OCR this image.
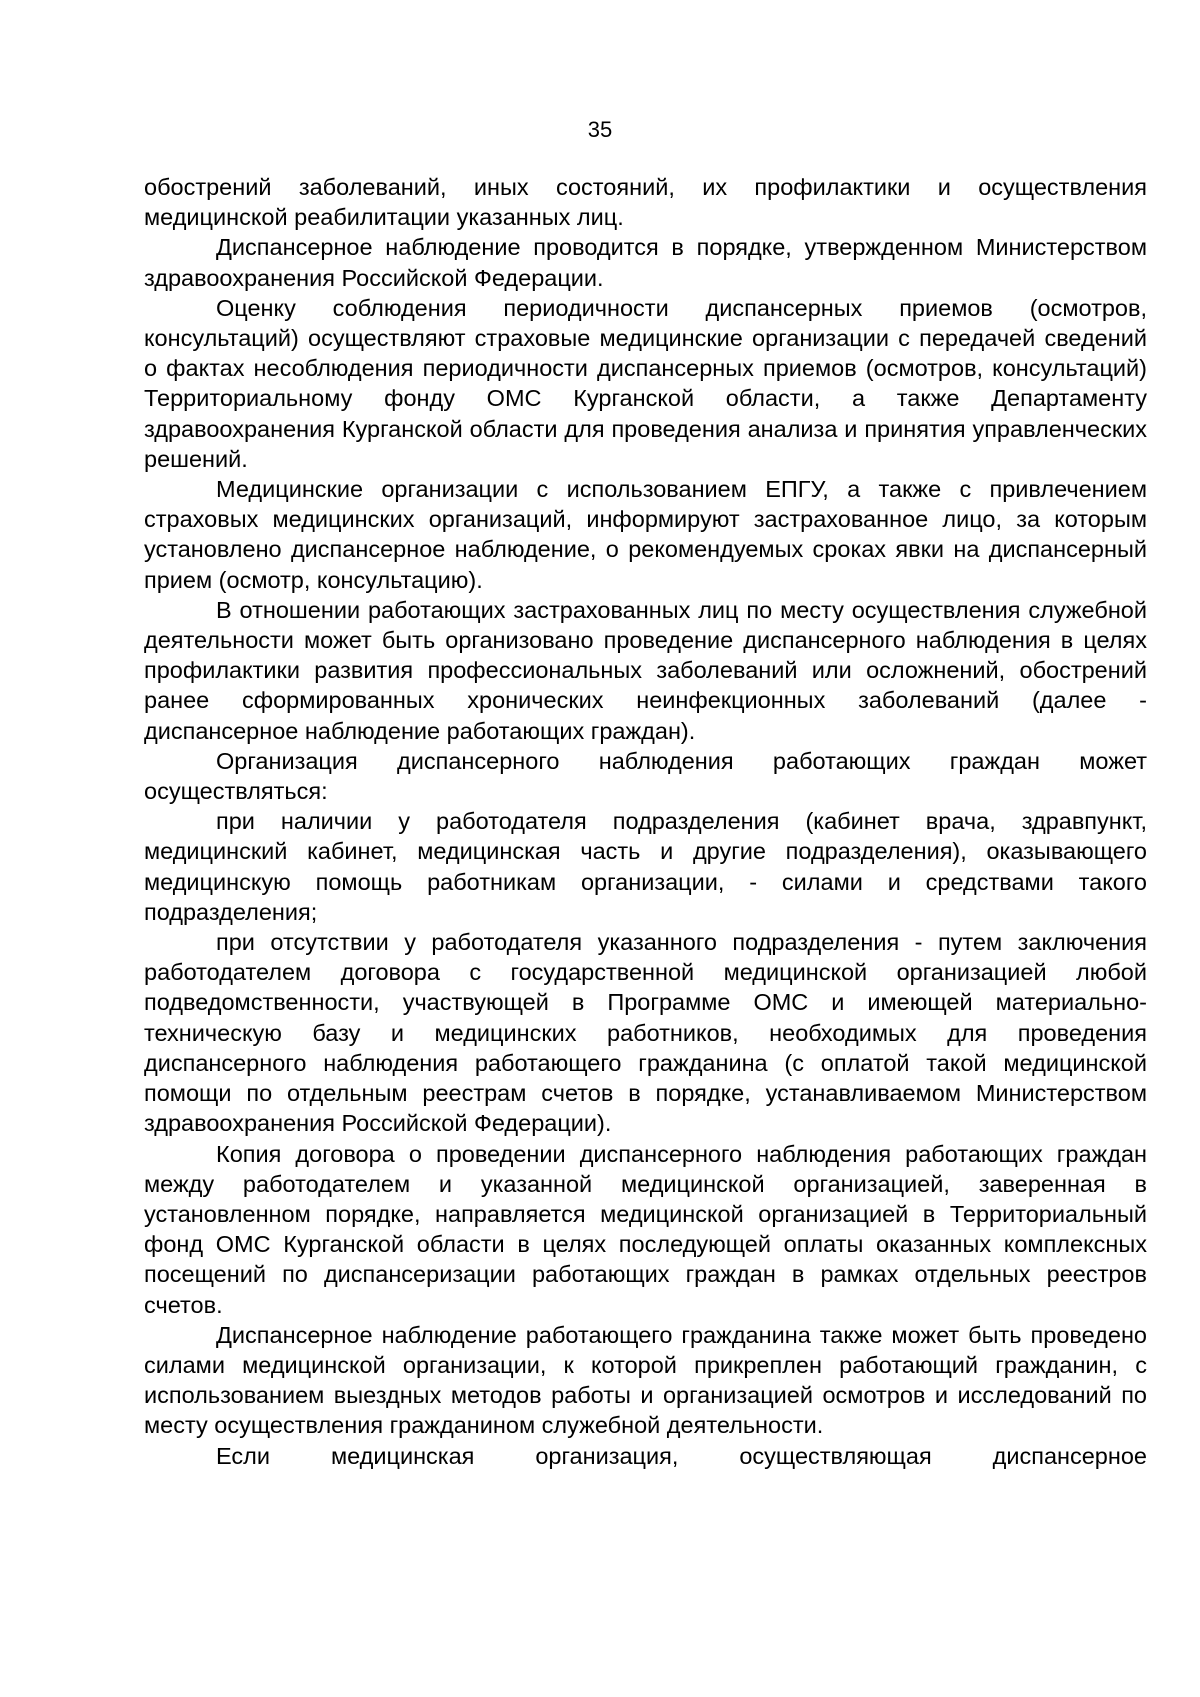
35

обострений заболеваний, иных состояний, их профилактики и осуществления медицинской реабилитации указанных лиц.

Диспансерное наблюдение проводится в порядке, утвержденном Министерством здравоохранения Российской Федерации.

Оценку соблюдения периодичности диспансерных приемов (осмотров, консультаций) осуществляют страховые медицинские организации с передачей сведений о фактах несоблюдения периодичности диспансерных приемов (осмотров, консультаций) Территориальному фонду ОМС Курганской области, а также Департаменту здравоохранения Курганской области для проведения анализа и принятия управленческих решений.

Медицинские организации с использованием ЕПГУ, а также с привлечением страховых медицинских организаций, информируют застрахованное лицо, за которым установлено диспансерное наблюдение, о рекомендуемых сроках явки на диспансерный прием (осмотр, консультацию).

В отношении работающих застрахованных лиц по месту осуществления служебной деятельности может быть организовано проведение диспансерного наблюдения в целях профилактики развития профессиональных заболеваний или осложнений, обострений ранее сформированных хронических неинфекционных заболеваний (далее - диспансерное наблюдение работающих граждан).

Организация диспансерного наблюдения работающих граждан может осуществляться:

при наличии у работодателя подразделения (кабинет врача, здравпункт, медицинский кабинет, медицинская часть и другие подразделения), оказывающего медицинскую помощь работникам организации, - силами и средствами такого подразделения;

при отсутствии у работодателя указанного подразделения - путем заключения работодателем договора с государственной медицинской организацией любой подведомственности, участвующей в Программе ОМС и имеющей материально-техническую базу и медицинских работников, необходимых для проведения диспансерного наблюдения работающего гражданина (с оплатой такой медицинской помощи по отдельным реестрам счетов в порядке, устанавливаемом Министерством здравоохранения Российской Федерации).

Копия договора о проведении диспансерного наблюдения работающих граждан между работодателем и указанной медицинской организацией, заверенная в установленном порядке, направляется медицинской организацией в Территориальный фонд ОМС Курганской области в целях последующей оплаты оказанных комплексных посещений по диспансеризации работающих граждан в рамках отдельных реестров счетов.

Диспансерное наблюдение работающего гражданина также может быть проведено силами медицинской организации, к которой прикреплен работающий гражданин, с использованием выездных методов работы и организацией осмотров и исследований по месту осуществления гражданином служебной деятельности.

Если медицинская организация, осуществляющая диспансерное
